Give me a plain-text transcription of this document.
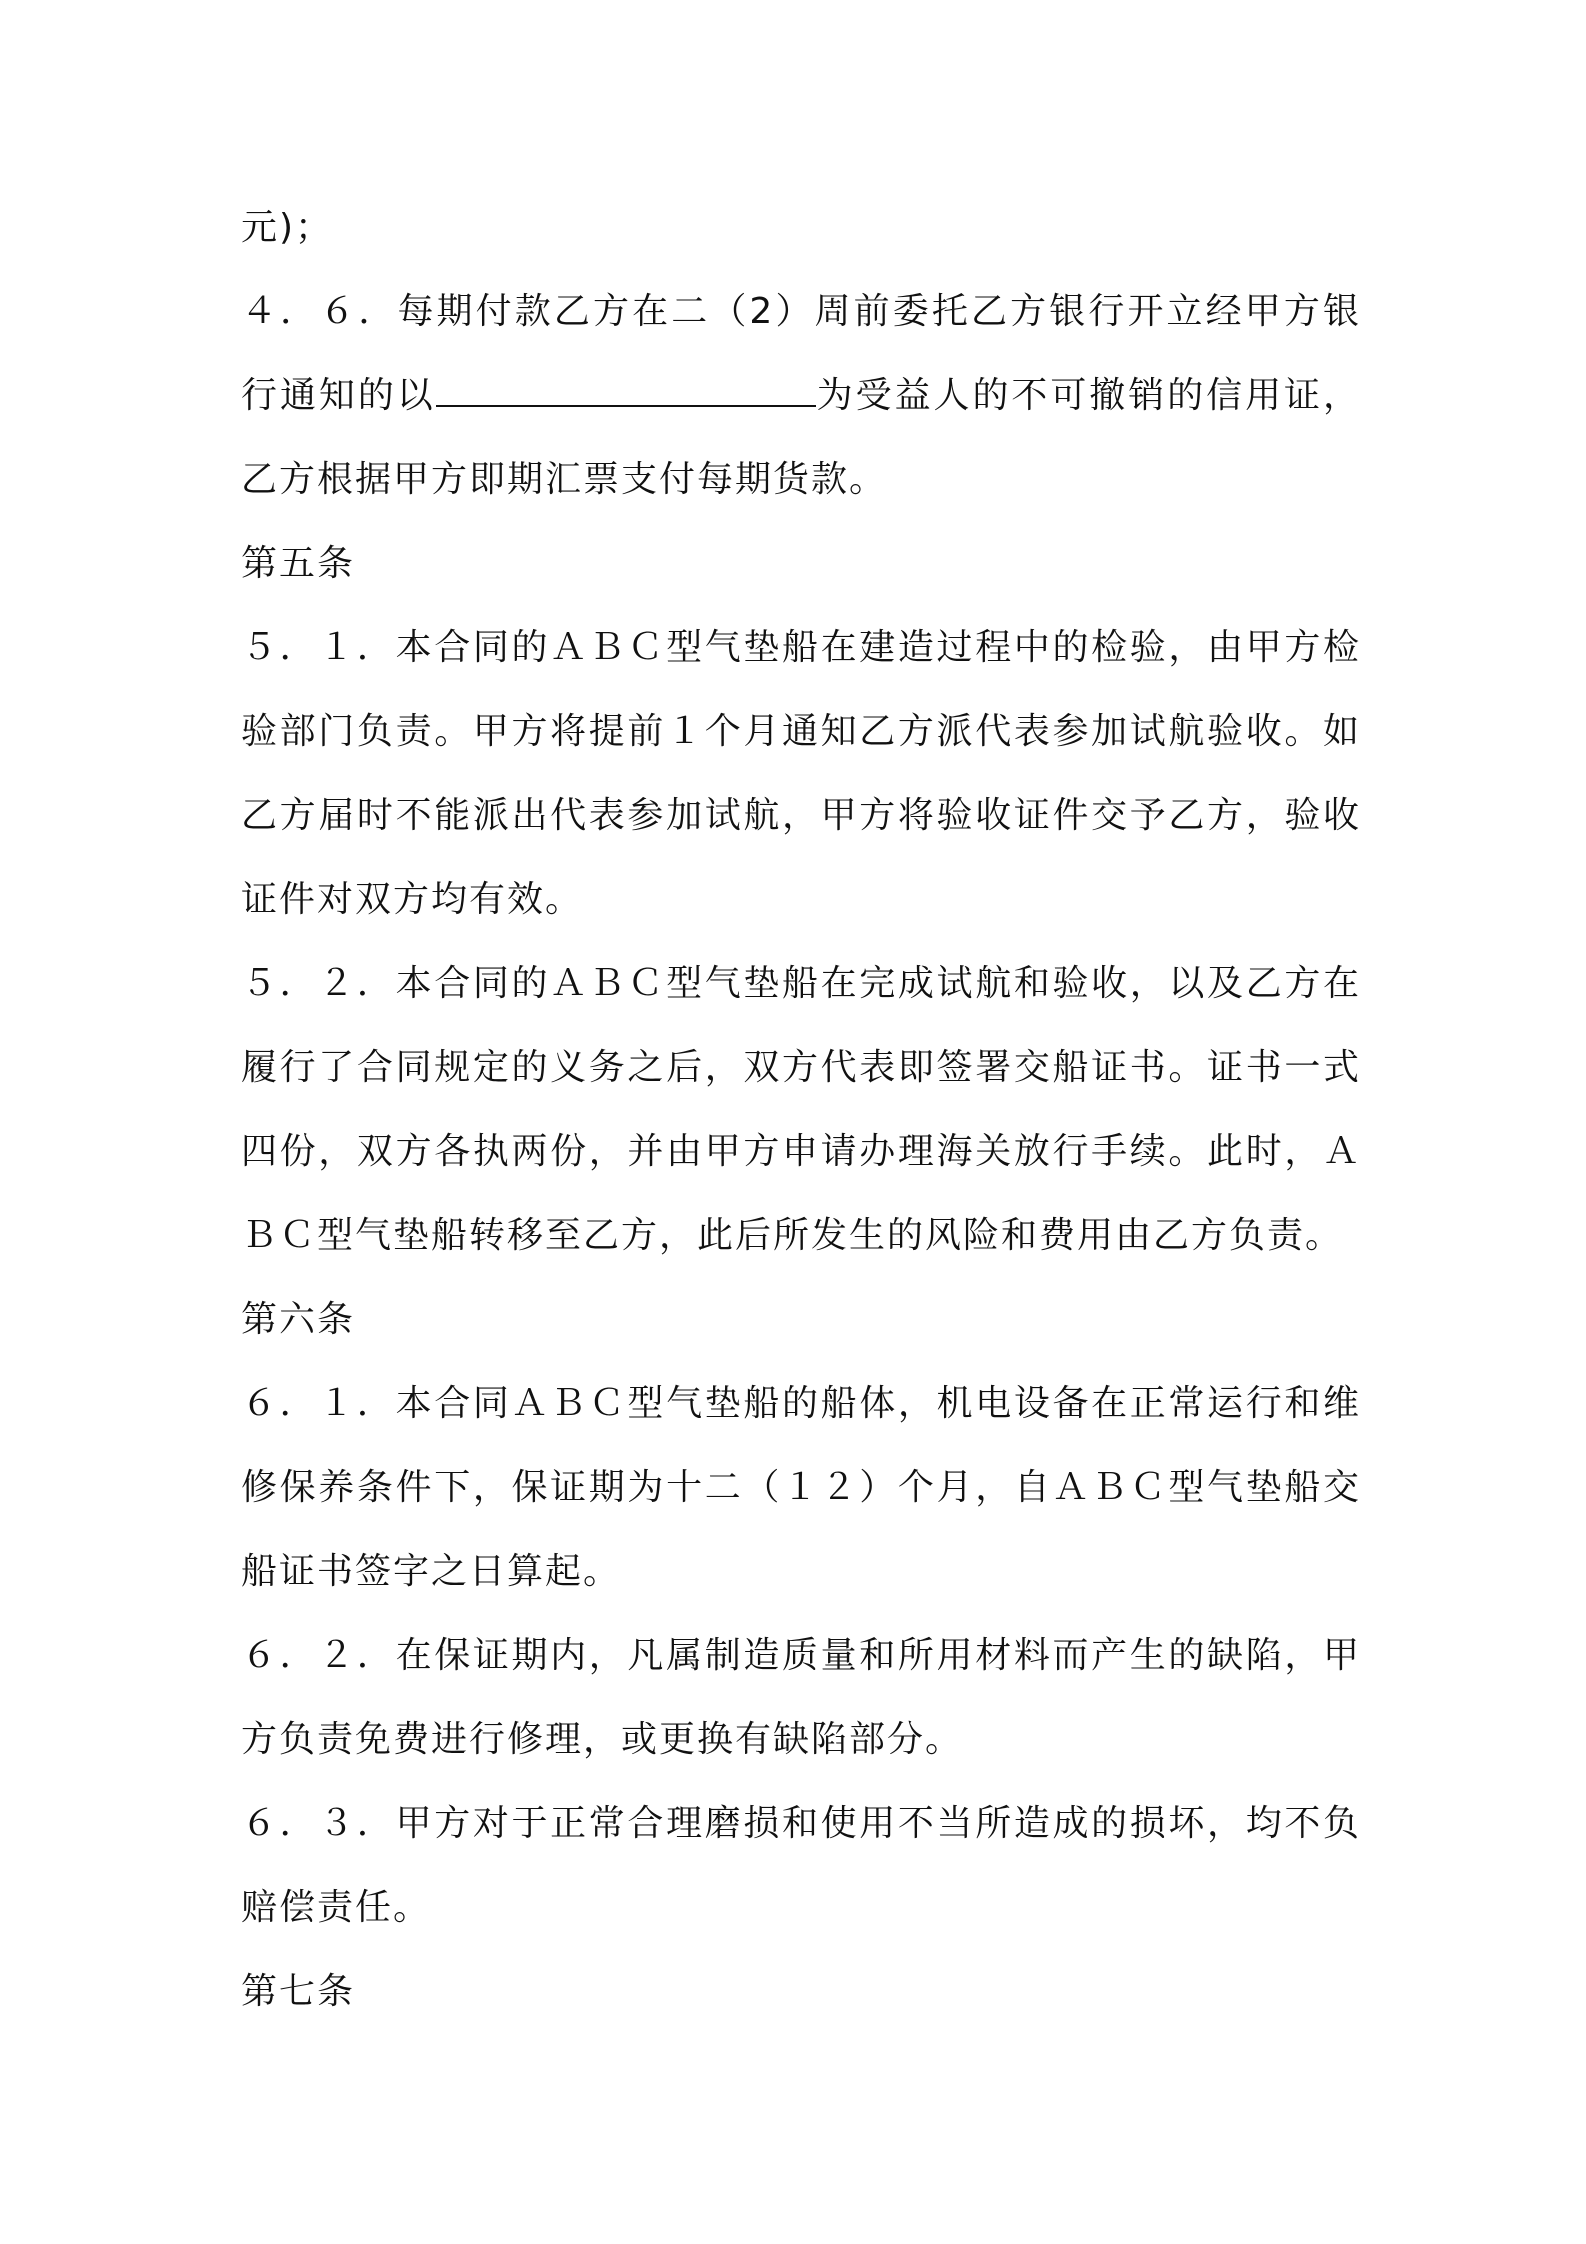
元)；

４．６．每期付款乙方在二（2）周前委托乙方银行开立经甲方银行通知的以	为受益人的不可撤销的信用证，乙方根据甲方即期汇票支付每期货款。

第五条

５．１．本合同的ＡＢＣ型气垫船在建造过程中的检验，由甲方检验部门负责。甲方将提前１个月通知乙方派代表参加试航验收。如乙方届时不能派出代表参加试航，甲方将验收证件交予乙方，验收证件对双方均有效。

５．２．本合同的ＡＢＣ型气垫船在完成试航和验收，以及乙方在履行了合同规定的义务之后，双方代表即签署交船证书。证书一式四份，双方各执两份，并由甲方申请办理海关放行手续。此时，ＡＢＣ型气垫船转移至乙方，此后所发生的风险和费用由乙方负责。

第六条

６．１．本合同ＡＢＣ型气垫船的船体，机电设备在正常运行和维修保养条件下，保证期为十二（１２）个月，自ＡＢＣ型气垫船交船证书签字之日算起。

６．２．在保证期内，凡属制造质量和所用材料而产生的缺陷，甲方负责免费进行修理，或更换有缺陷部分。

６．３．甲方对于正常合理磨损和使用不当所造成的损坏，均不负赔偿责任。

第七条
